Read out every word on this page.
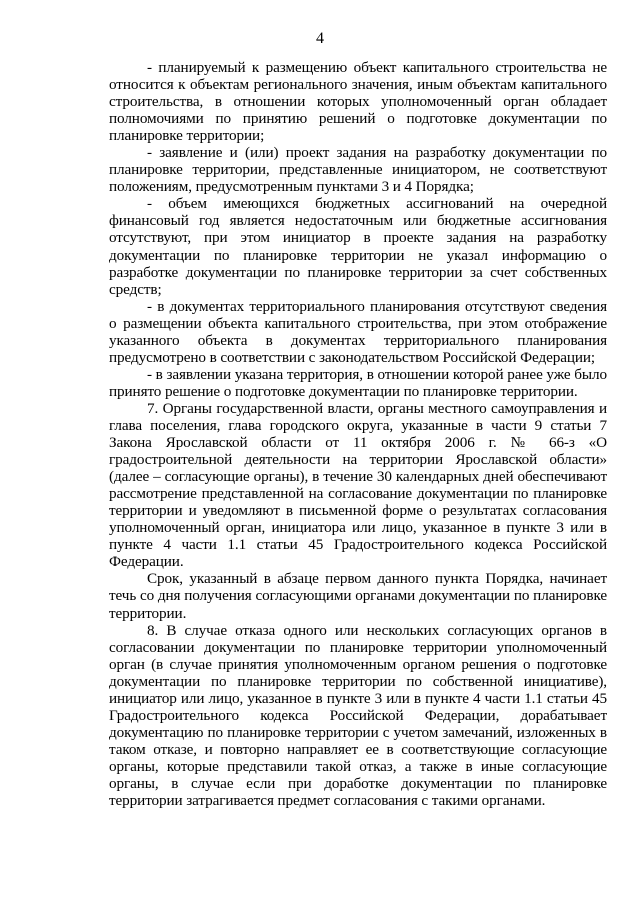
4

- планируемый к размещению объект капитального строительства не относится к объектам регионального значения, иным объектам капитального строительства, в отношении которых уполномоченный орган обладает полномочиями по принятию решений о подготовке документации по планировке территории;

- заявление и (или) проект задания на разработку документации по планировке территории, представленные инициатором, не соответствуют положениям, предусмотренным пунктами 3 и 4 Порядка;

- объем имеющихся бюджетных ассигнований на очередной финансовый год является недостаточным или бюджетные ассигнования отсутствуют, при этом инициатор в проекте задания на разработку документации по планировке территории не указал информацию о разработке документации по планировке территории за счет собственных средств;

- в документах территориального планирования отсутствуют сведения о размещении объекта капитального строительства, при этом отображение указанного объекта в документах территориального планирования предусмотрено в соответствии с законодательством Российской Федерации;

- в заявлении указана территория, в отношении которой ранее уже было принято решение о подготовке документации по планировке территории.

7. Органы государственной власти, органы местного самоуправления и глава поселения, глава городского округа, указанные в части 9 статьи 7 Закона Ярославской области от 11 октября 2006 г. № 66-з «О градостроительной деятельности на территории Ярославской области» (далее – согласующие органы), в течение 30 календарных дней обеспечивают рассмотрение представленной на согласование документации по планировке территории и уведомляют в письменной форме о результатах согласования уполномоченный орган, инициатора или лицо, указанное в пункте 3 или в пункте 4 части 1.1 статьи 45 Градостроительного кодекса Российской Федерации.

Срок, указанный в абзаце первом данного пункта Порядка, начинает течь со дня получения согласующими органами документации по планировке территории.

8. В случае отказа одного или нескольких согласующих органов в согласовании документации по планировке территории уполномоченный орган (в случае принятия уполномоченным органом решения о подготовке документации по планировке территории по собственной инициативе), инициатор или лицо, указанное в пункте 3 или в пункте 4 части 1.1 статьи 45 Градостроительного кодекса Российской Федерации, дорабатывает документацию по планировке территории с учетом замечаний, изложенных в таком отказе, и повторно направляет ее в соответствующие согласующие органы, которые представили такой отказ, а также в иные согласующие органы, в случае если при доработке документации по планировке территории затрагивается предмет согласования с такими органами.
